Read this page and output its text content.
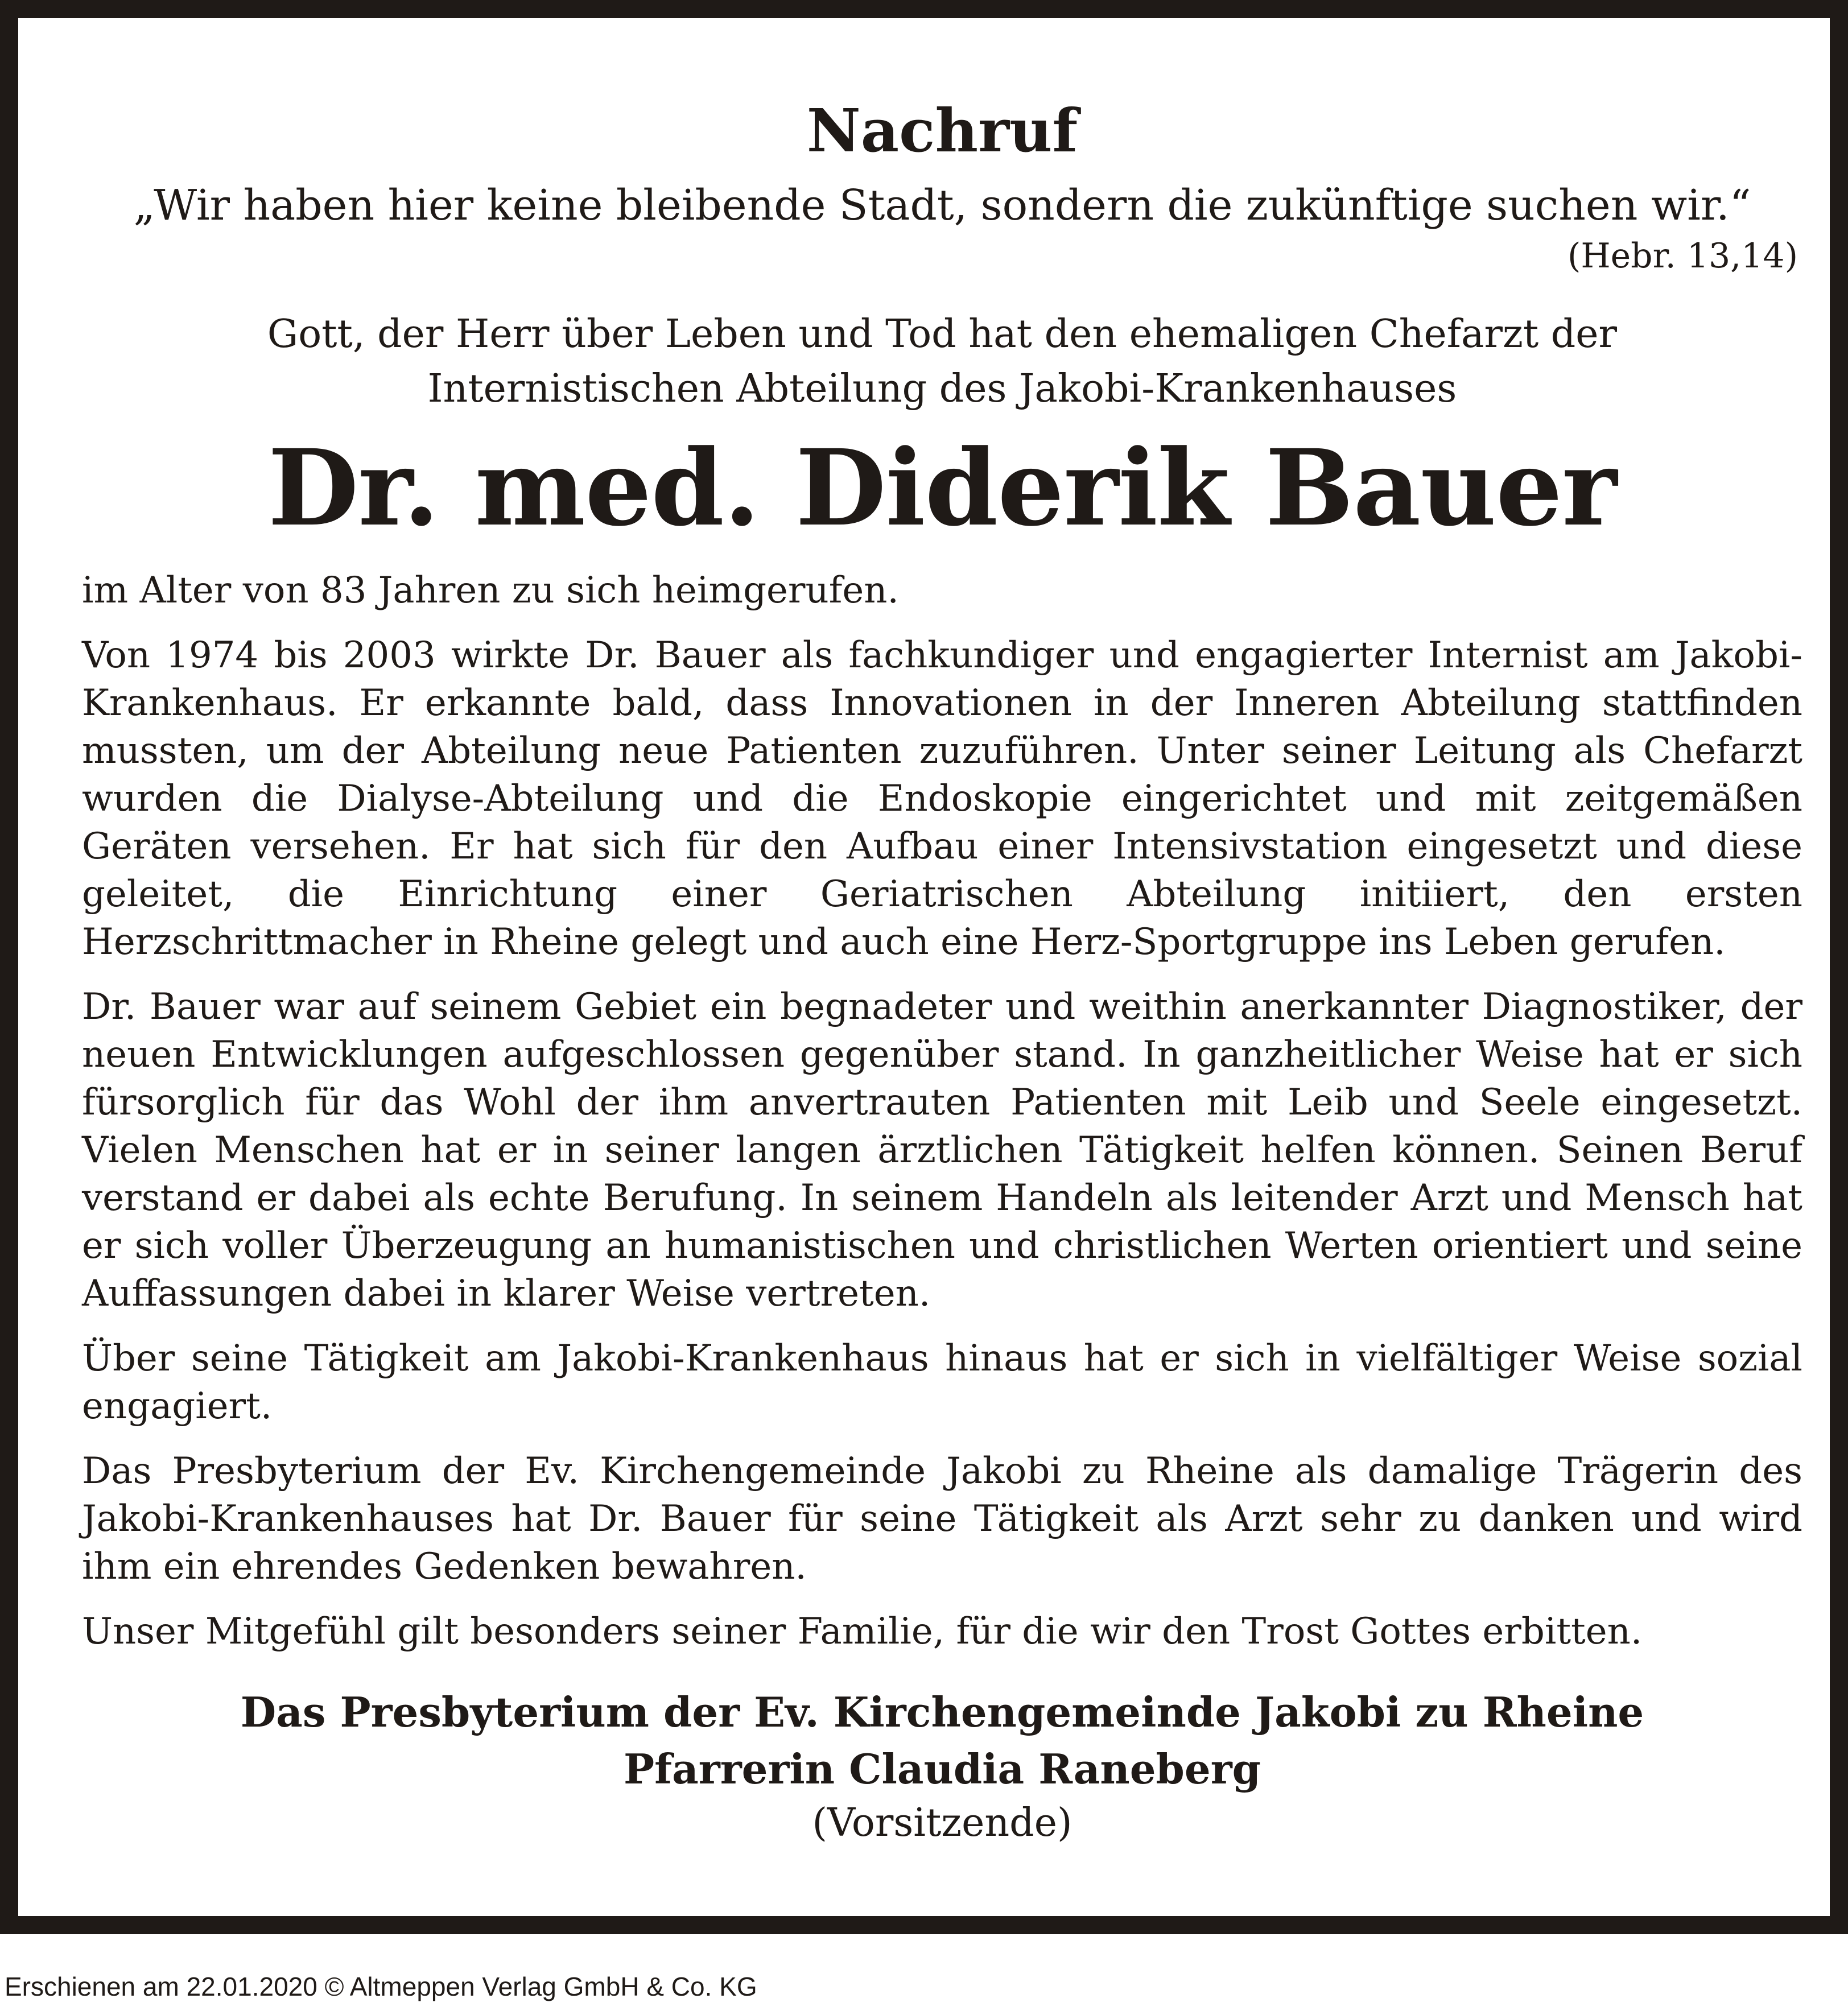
Nachruf

„Wir haben hier keine bleibende Stadt, sondern die zukünftige suchen wir.“

(Hebr. 13,14)

Gott, der Herr über Leben und Tod hat den ehemaligen Chefarzt der
Internistischen Abteilung des Jakobi-Krankenhauses

Dr. med. Diderik Bauer

im Alter von 83 Jahren zu sich heimgerufen.

Von 1974 bis 2003 wirkte Dr. Bauer als fachkundiger und engagierter Internist am Jakobi-Krankenhaus. Er erkannte bald, dass Innovationen in der Inneren Abteilung stattfinden mussten, um der Abteilung neue Patienten zuzuführen. Unter seiner Leitung als Chefarzt wurden die Dialyse-Abteilung und die Endoskopie eingerichtet und mit zeitgemäßen Geräten versehen. Er hat sich für den Aufbau einer Intensivstation eingesetzt und diese geleitet, die Einrichtung einer Geriatrischen Abteilung initiiert, den ersten Herzschrittmacher in Rheine gelegt und auch eine Herz-Sportgruppe ins Leben gerufen.

Dr. Bauer war auf seinem Gebiet ein begnadeter und weithin anerkannter Diagnostiker, der neuen Entwicklungen aufgeschlossen gegenüber stand. In ganzheitlicher Weise hat er sich fürsorglich für das Wohl der ihm anvertrauten Patienten mit Leib und Seele eingesetzt. Vielen Menschen hat er in seiner langen ärztlichen Tätigkeit helfen können. Seinen Beruf verstand er dabei als echte Berufung. In seinem Handeln als leitender Arzt und Mensch hat er sich voller Überzeugung an humanistischen und christlichen Werten orientiert und seine Auffassungen dabei in klarer Weise vertreten.

Über seine Tätigkeit am Jakobi-Krankenhaus hinaus hat er sich in vielfältiger Weise sozial engagiert.

Das Presbyterium der Ev. Kirchengemeinde Jakobi zu Rheine als damalige Trägerin des Jakobi-Krankenhauses hat Dr. Bauer für seine Tätigkeit als Arzt sehr zu danken und wird ihm ein ehrendes Gedenken bewahren.

Unser Mitgefühl gilt besonders seiner Familie, für die wir den Trost Gottes erbitten.

Das Presbyterium der Ev. Kirchengemeinde Jakobi zu Rheine

Pfarrerin Claudia Raneberg

(Vorsitzende)

Erschienen am 22.01.2020 © Altmeppen Verlag GmbH & Co. KG
